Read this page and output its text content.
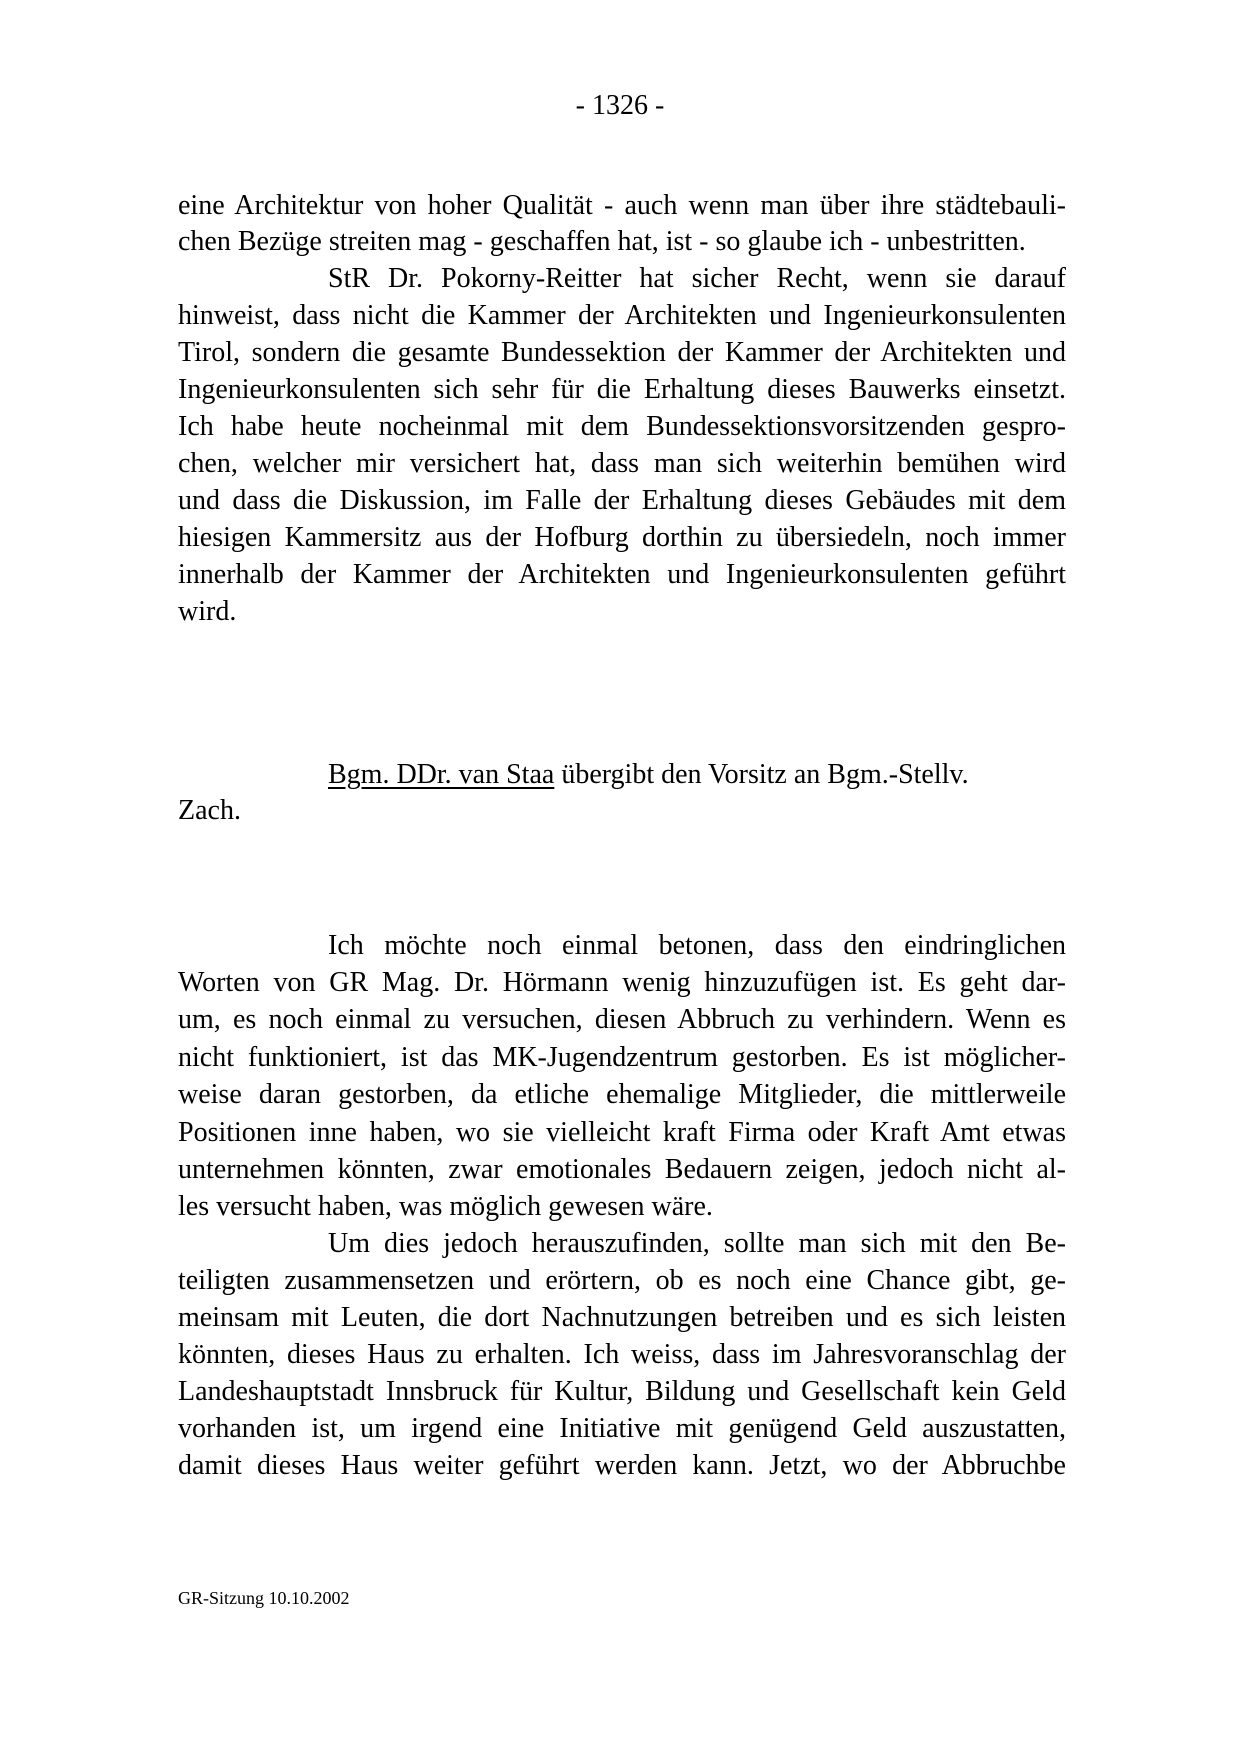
- 1326 -
eine Architektur von hoher Qualität - auch wenn man über ihre städtebauli-
chen Bezüge streiten mag - geschaffen hat, ist - so glaube ich - unbestritten.
StR Dr. Pokorny-Reitter hat sicher Recht, wenn sie darauf
hinweist, dass nicht die Kammer der Architekten und Ingenieurkonsulenten
Tirol, sondern die gesamte Bundessektion der Kammer der Architekten und
Ingenieurkonsulenten sich sehr für die Erhaltung dieses Bauwerks einsetzt.
Ich habe heute nocheinmal mit dem Bundessektionsvorsitzenden gespro-
chen, welcher mir versichert hat, dass man sich weiterhin bemühen wird
und dass die Diskussion, im Falle der Erhaltung dieses Gebäudes mit dem
hiesigen Kammersitz aus der Hofburg dorthin zu übersiedeln, noch immer
innerhalb der Kammer der Architekten und Ingenieurkonsulenten geführt
wird.
Bgm. DDr. van Staa übergibt den Vorsitz an Bgm.-Stellv.
Zach.
Ich möchte noch einmal betonen, dass den eindringlichen
Worten von GR Mag. Dr. Hörmann wenig hinzuzufügen ist. Es geht dar-
um, es noch einmal zu versuchen, diesen Abbruch zu verhindern. Wenn es
nicht funktioniert, ist das MK-Jugendzentrum gestorben. Es ist möglicher-
weise daran gestorben, da etliche ehemalige Mitglieder, die mittlerweile
Positionen inne haben, wo sie vielleicht kraft Firma oder Kraft Amt etwas
unternehmen könnten, zwar emotionales Bedauern zeigen, jedoch nicht al-
les versucht haben, was möglich gewesen wäre.
Um dies jedoch herauszufinden, sollte man sich mit den Be-
teiligten zusammensetzen und erörtern, ob es noch eine Chance gibt, ge-
meinsam mit Leuten, die dort Nachnutzungen betreiben und es sich leisten
könnten, dieses Haus zu erhalten. Ich weiss, dass im Jahresvoranschlag der
Landeshauptstadt Innsbruck für Kultur, Bildung und Gesellschaft kein Geld
vorhanden ist, um irgend eine Initiative mit genügend Geld auszustatten,
damit dieses Haus weiter geführt werden kann. Jetzt, wo der Abbruchbe
GR-Sitzung 10.10.2002
